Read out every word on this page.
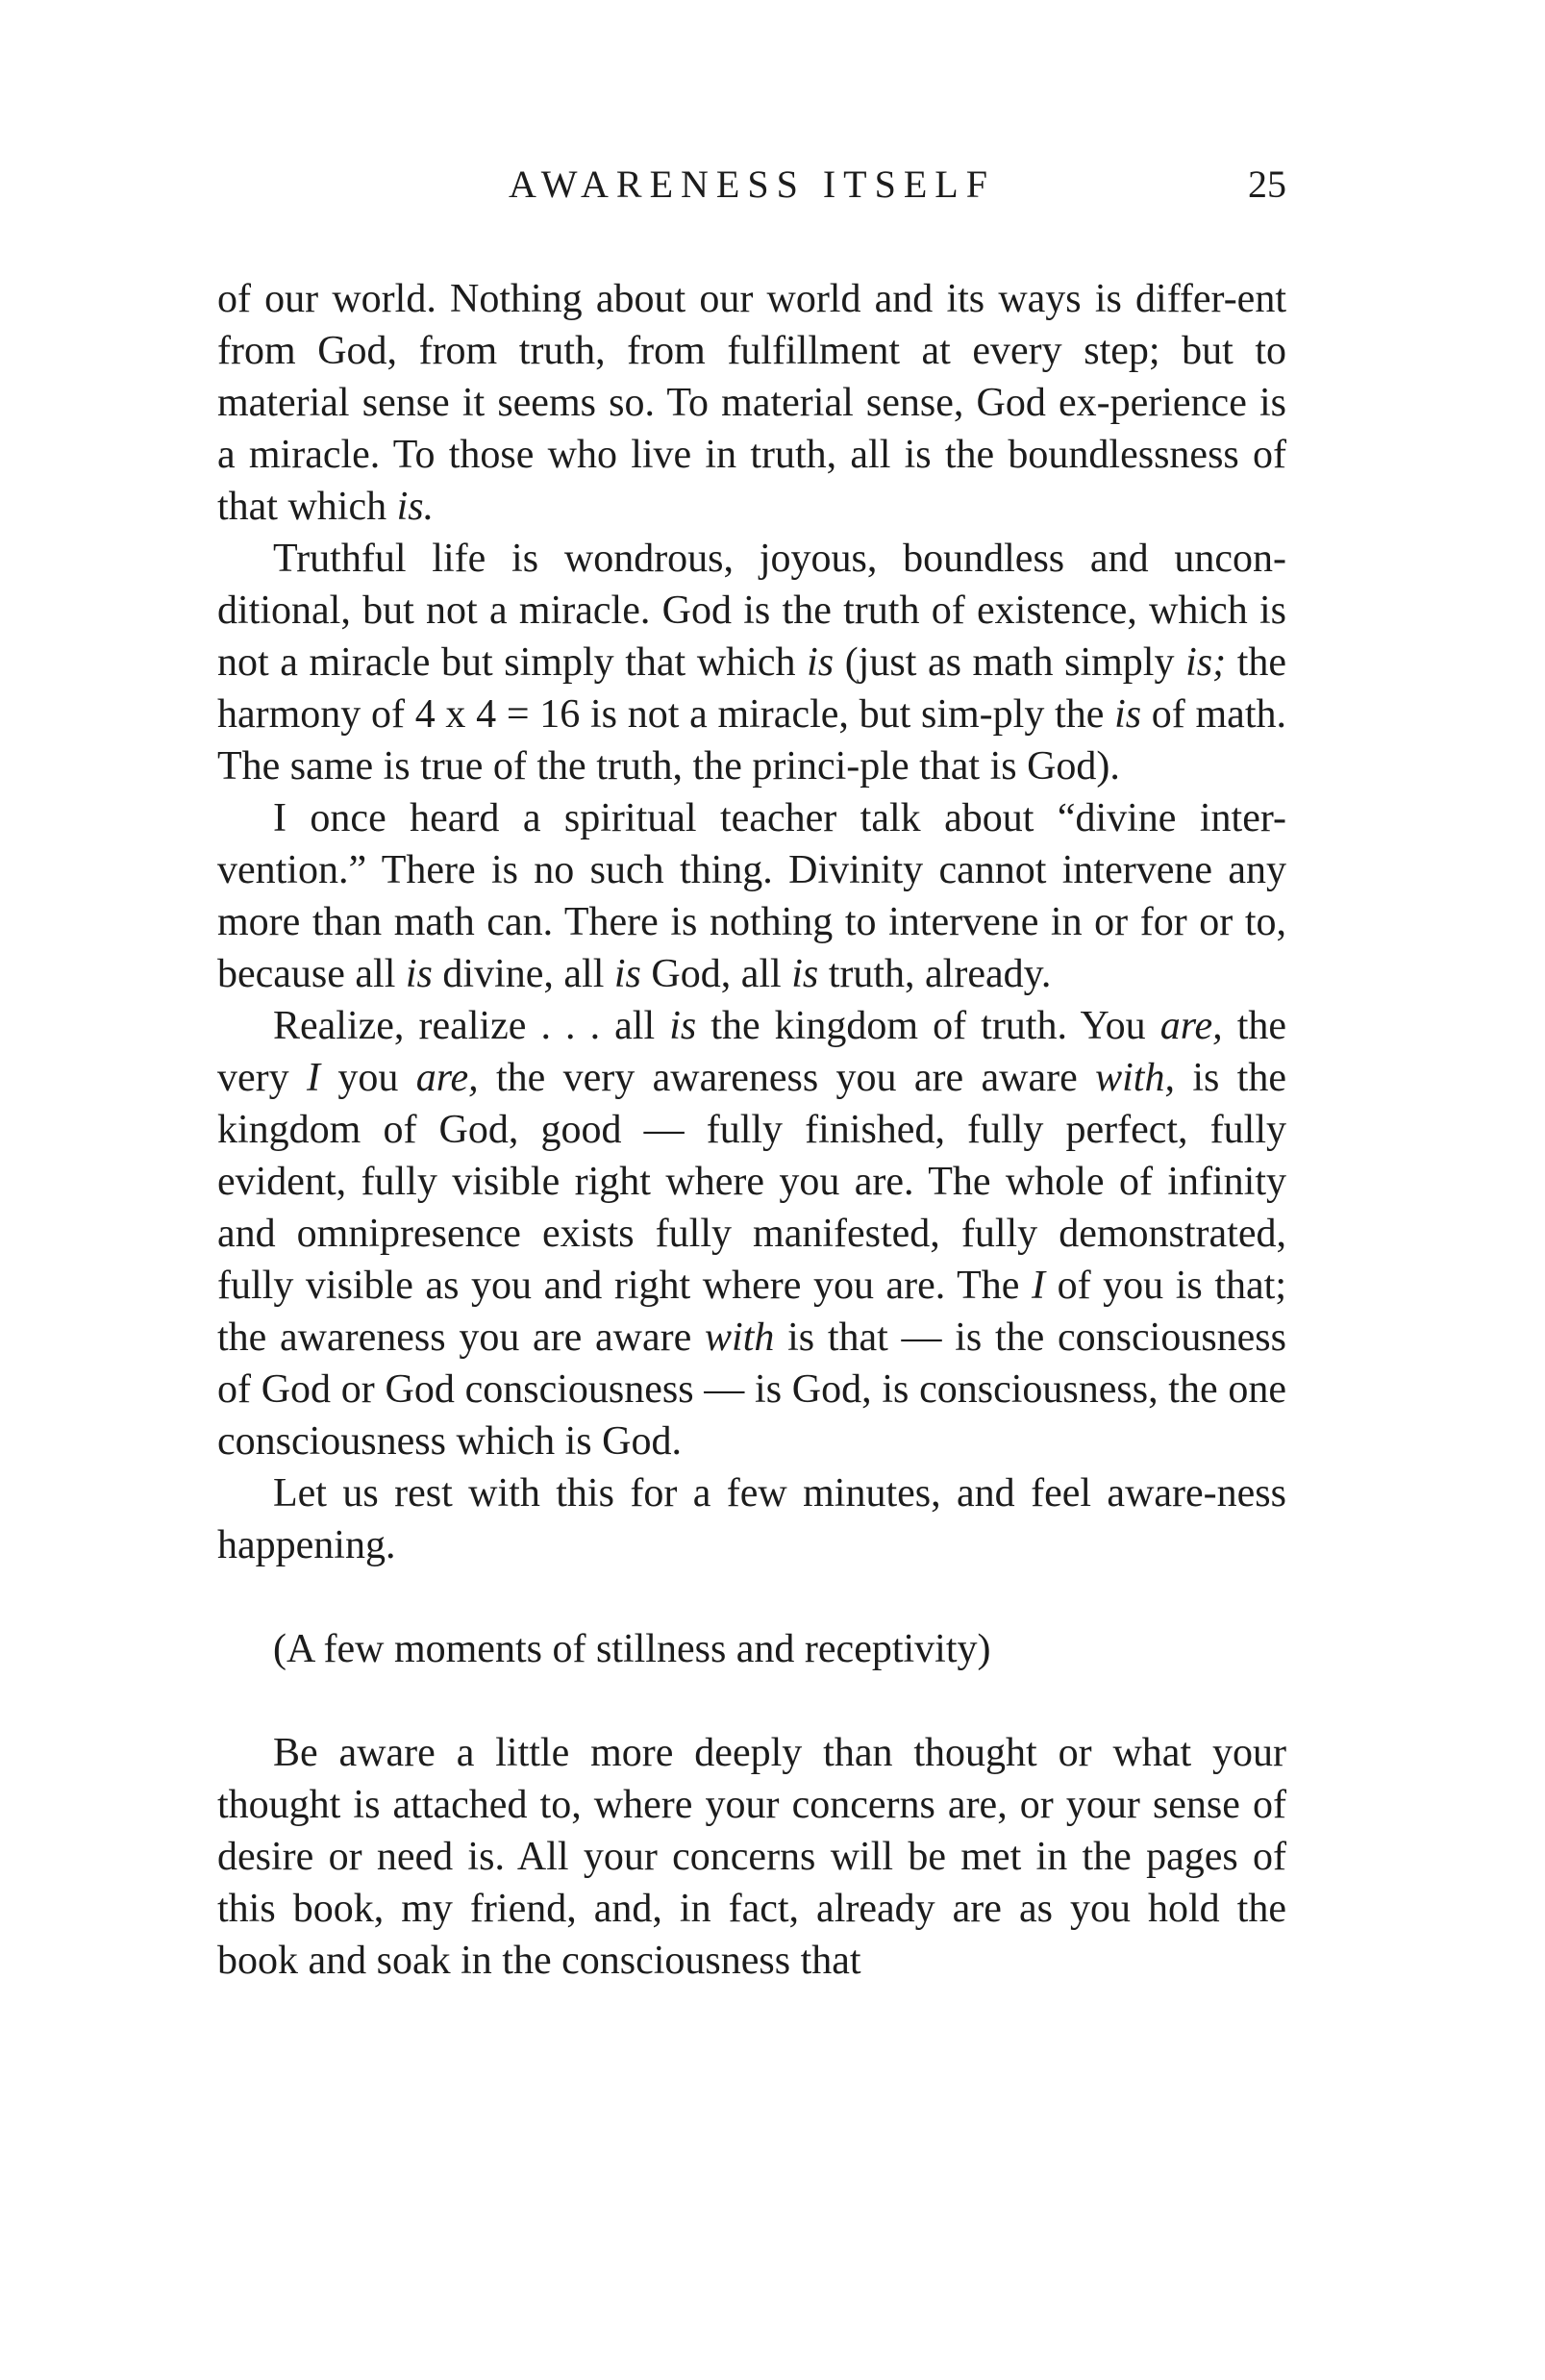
AWARENESS ITSELF	25

of our world. Nothing about our world and its ways is differ-ent from God, from truth, from fulfillment at every step; but to material sense it seems so. To material sense, God ex-perience is a miracle. To those who live in truth, all is the boundlessness of that which is.

Truthful life is wondrous, joyous, boundless and uncon-ditional, but not a miracle. God is the truth of existence, which is not a miracle but simply that which is (just as math simply is; the harmony of 4 x 4 = 16 is not a miracle, but sim-ply the is of math. The same is true of the truth, the princi-ple that is God).

I once heard a spiritual teacher talk about “divine inter-vention.” There is no such thing. Divinity cannot intervene any more than math can. There is nothing to intervene in or for or to, because all is divine, all is God, all is truth, already.

Realize, realize . . . all is the kingdom of truth. You are, the very I you are, the very awareness you are aware with, is the kingdom of God, good — fully finished, fully perfect, fully evident, fully visible right where you are. The whole of infinity and omnipresence exists fully manifested, fully demonstrated, fully visible as you and right where you are. The I of you is that; the awareness you are aware with is that — is the consciousness of God or God consciousness — is God, is consciousness, the one consciousness which is God.

Let us rest with this for a few minutes, and feel aware-ness happening.

(A few moments of stillness and receptivity)

Be aware a little more deeply than thought or what your thought is attached to, where your concerns are, or your sense of desire or need is. All your concerns will be met in the pages of this book, my friend, and, in fact, already are as you hold the book and soak in the consciousness that
